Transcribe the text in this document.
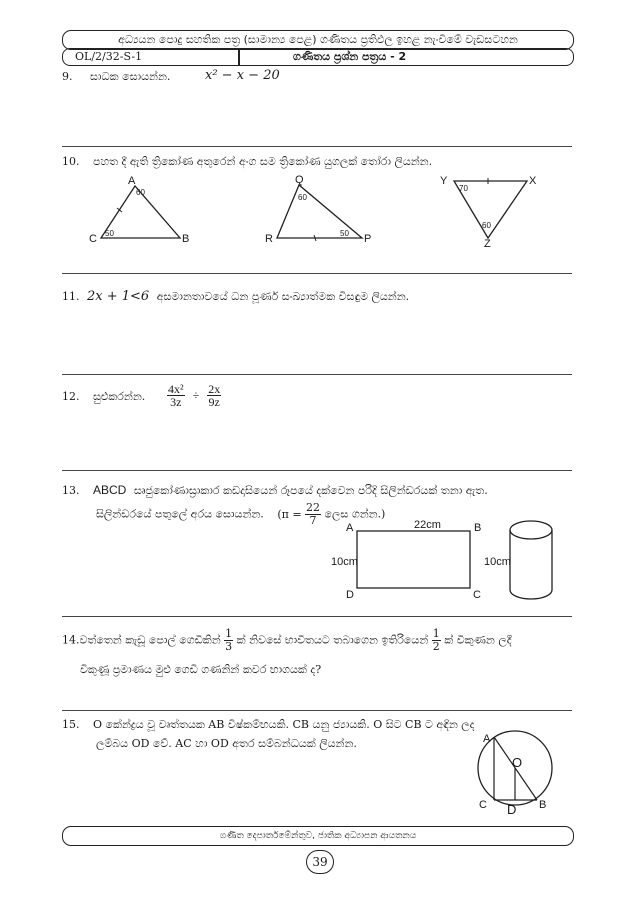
අධ්‍යයන පොදු සහතික පත්‍ර (සාමාන්‍ය පෙළ) ගණිතය ප්‍රතිඵල ඉහළ නැංවීමේ වැඩසටහන
OL/2/32-S-1	ගණිතය ප්‍රශ්න පත්‍රය - 2
9. සාධක සොයන්න.	x² − x − 20
10. පහත දී ඇති ත්‍රිකෝණ අතුරෙන් අංග සම ත්‍රිකෝණ යුගලක් තෝරා ලියන්න.
A
60
C 50	B
Q
60
R	50 P
Y
70
X
60
Z
11. 2x + 1<6 අසමානතාවයේ ධන පූර්ණ සංඛ්‍යාත්මක විසඳුම ලියන්න.
12. සුළුකරන්න. $\frac{\text{4x²}}{3z} \div \frac{2x}{9z}$
13. ABCD සෘජුකෝණාස්‍රාකාර කඩදාසියෙන් රූපයේ දක්වෙන පරිදි සිලින්ඩරයක් තනා ඇත.
සිලින්ඩරයේ පතුලේ අරය සොයන්න. ($\pi = \frac{22}{7}$ ලෙස ගන්න.)
A	B
D	C
22cm
10cm	10cm
14.වත්තෙන් කැඩූ පොල් ගෙඩිකින් $\frac{1}{3}$ ක් නිවසේ භාවිතයට තබාගෙන ඉතිරියෙන් $\frac{1}{2}$ ක් විකුණන ලදී
විකුණූ ප්‍රමාණය මුළු ගෙඩි ගණනින් කවර භාගයක් ද?
15. O කේන්ද්‍රය වූ වෘත්තයක AB විෂ්කම්භයකි. CB යනු ජ්‍යායකි. O සිට CB ට අඳින ලද
ලම්බය OD වේ. AC හා OD අතර සම්බන්ධයක් ලියන්න.	A
O
C D B
ගණිත දෙපාර්තමේන්තුව, ජාතික අධ්‍යාපන ආයතනය
39
